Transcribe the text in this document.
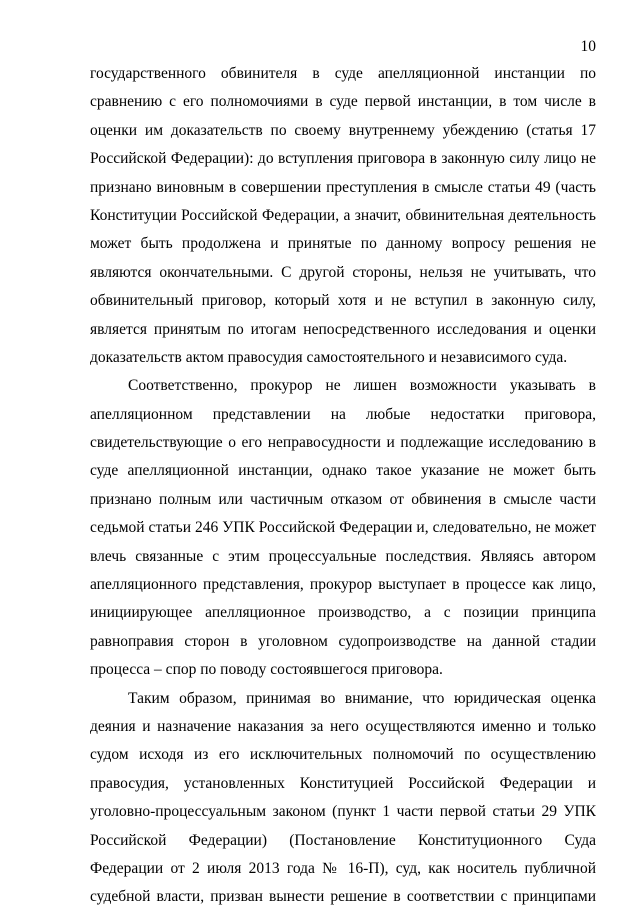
10
государственного обвинителя в суде апелляционной инстанции по
сравнению с его полномочиями в суде первой инстанции, в том числе в
оценки им доказательств по своему внутреннему убеждению (статья 17
Российской Федерации): до вступления приговора в законную силу лицо не
признано виновным в совершении преступления в смысле статьи 49 (часть
Конституции Российской Федерации, а значит, обвинительная деятельность
может быть продолжена и принятые по данному вопросу решения не
являются окончательными. С другой стороны, нельзя не учитывать, что
обвинительный приговор, который хотя и не вступил в законную силу,
является принятым по итогам непосредственного исследования и оценки
доказательств актом правосудия самостоятельного и независимого суда.
Соответственно, прокурор не лишен возможности указывать в
апелляционном представлении на любые недостатки приговора,
свидетельствующие о его неправосудности и подлежащие исследованию в
суде апелляционной инстанции, однако такое указание не может быть
признано полным или частичным отказом от обвинения в смысле части
седьмой статьи 246 УПК Российской Федерации и, следовательно, не может
влечь связанные с этим процессуальные последствия. Являясь автором
апелляционного представления, прокурор выступает в процессе как лицо,
инициирующее апелляционное производство, а с позиции принципа
равноправия сторон в уголовном судопроизводстве на данной стадии
процесса – спор по поводу состоявшегося приговора.
Таким образом, принимая во внимание, что юридическая оценка
деяния и назначение наказания за него осуществляются именно и только
судом исходя из его исключительных полномочий по осуществлению
правосудия, установленных Конституцией Российской Федерации и
уголовно-процессуальным законом (пункт 1 части первой статьи 29 УПК
Российской Федерации) (Постановление Конституционного Суда
Федерации от 2 июля 2013 года № 16-П), суд, как носитель публичной
судебной власти, призван вынести решение в соответствии с принципами
